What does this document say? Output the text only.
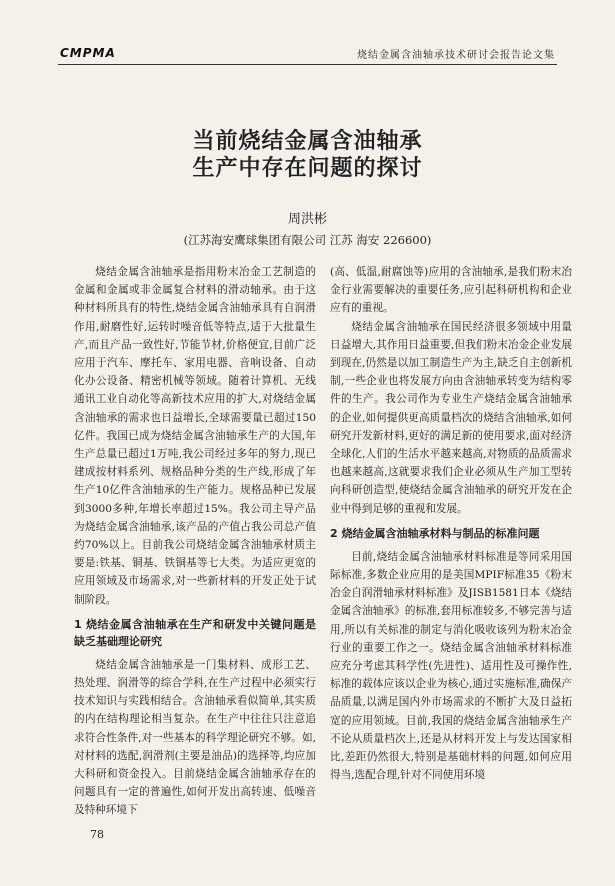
CMPMA	烧结金属含油轴承技术研讨会报告论文集
当前烧结金属含油轴承
生产中存在问题的探讨
周洪彬
(江苏海安鹰球集团有限公司 江苏 海安 226600)

烧结金属含油轴承是指用粉末冶金工艺制造的金属和金属或非金属复合材料的滑动轴承。由于这种材料所具有的特性,烧结金属含油轴承具有自润滑作用,耐磨性好,运转时噪音低等特点,适于大批量生产,而且产品一致性好,节能节材,价格便宜,目前广泛应用于汽车、摩托车、家用电器、音响设备、自动化办公设备、精密机械等领域。随着计算机、无线通讯工业自动化等高新技术应用的扩大,对烧结金属含油轴承的需求也日益增长,全球需要量已超过150亿件。我国已成为烧结金属含油轴承生产的大国,年生产总量已超过1万吨,我公司经过多年的努力,现已建成按材料系列、规格品种分类的生产线,形成了年生产10亿件含油轴承的生产能力。规格品种已发展到3000多种,年增长率超过15%。我公司主导产品为烧结金属含油轴承,该产品的产值占我公司总产值约70%以上。目前我公司烧结金属含油轴承材质主要是:铁基、铜基、铁铜基等七大类。为适应更宽的应用领域及市场需求,对一些新材料的开发正处于试制阶段。

1 烧结金属含油轴承在生产和研发中关键问题是缺乏基础理论研究

烧结金属含油轴承是一门集材料、成形工艺、热处理、润滑等的综合学科,在生产过程中必须实行技术知识与实践相结合。含油轴承看似简单,其实质的内在结构理论相当复杂。在生产中往往只注意追求符合性条件,对一些基本的科学理论研究不够。如,对材料的选配,润滑剂(主要是油品)的选择等,均应加大科研和资金投入。目前烧结金属含油轴承存在的问题具有一定的普遍性,如何开发出高转速、低噪音及特种环境下

(高、低温,耐腐蚀等)应用的含油轴承,是我们粉末冶金行业需要解决的重要任务,应引起科研机构和企业应有的重视。

烧结金属含油轴承在国民经济很多领域中用量日益增大,其作用日益重要,但我们粉末冶金企业发展到现在,仍然是以加工制造生产为主,缺乏自主创新机制,一些企业也将发展方向由含油轴承转变为结构零件的生产。我公司作为专业生产烧结金属含油轴承的企业,如何提供更高质量档次的烧结含油轴承,如何研究开发新材料,更好的满足新的使用要求,面对经济全球化,人们的生活水平越来越高,对物质的品质需求也越来越高,这就要求我们企业必须从生产加工型转向科研创造型,使烧结金属含油轴承的研究开发在企业中得到足够的重视和发展。

2 烧结金属含油轴承材料与制品的标准问题

目前,烧结金属含油轴承材料标准是等同采用国际标准,多数企业应用的是美国MPIF标准35《粉末冶金自润滑轴承材料标准》及JISB1581日本《烧结金属含油轴承》的标准,套用标准较多,不够完善与适用,所以有关标准的制定与消化吸收该列为粉末冶金行业的重要工作之一。烧结金属含油轴承材料标准应充分考虑其科学性(先进性)、适用性及可操作性,标准的载体应该以企业为核心,通过实施标准,确保产品质量,以满足国内外市场需求的不断扩大及日益拓宽的应用领域。目前,我国的烧结金属含油轴承生产不论从质量档次上,还是从材料开发上与发达国家相比,差距仍然很大,特别是基础材料的问题,如何应用得当,选配合理,针对不同使用环境

78
